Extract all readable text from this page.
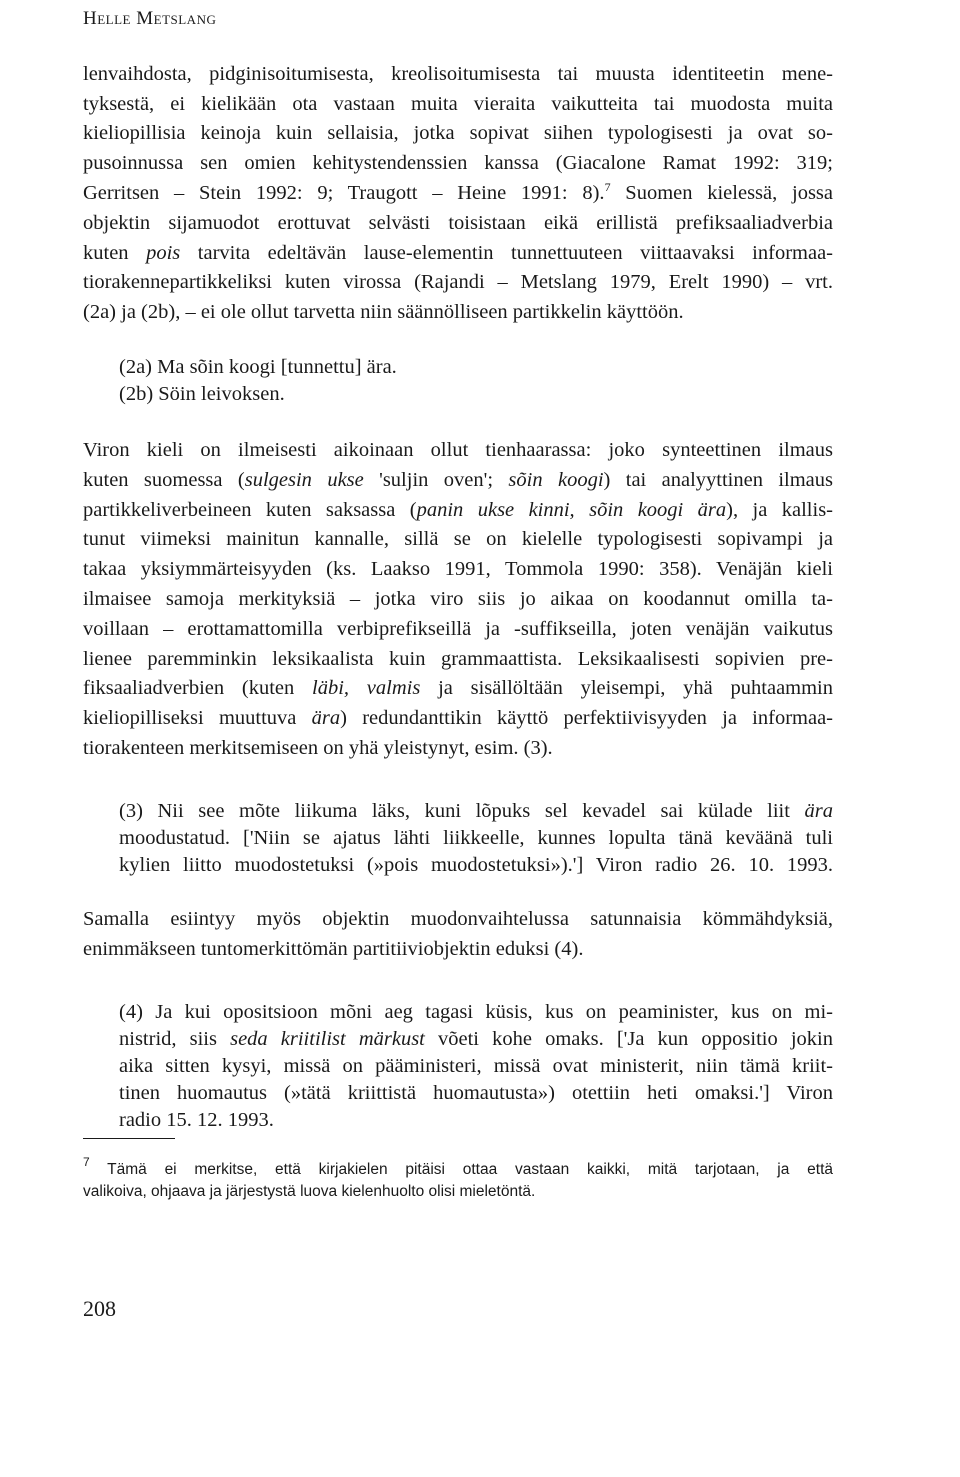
Helle Metslang
lenvaihdosta, pidginisoitumisesta, kreolisoitumisesta tai muusta identiteetin mene-
tyksestä, ei kielikään ota vastaan muita vieraita vaikutteita tai muodosta muita
kieliopillisia keinoja kuin sellaisia, jotka sopivat siihen typologisesti ja ovat so-
pusoinnussa sen omien kehitystendenssien kanssa (Giacalone Ramat 1992: 319;
Gerritsen – Stein 1992: 9; Traugott – Heine 1991: 8).$^7$ Suomen kielessä, jossa
objektin sijamuodot erottuvat selvästi toisistaan eikä erillistä prefiksaaliadverbia
kuten pois tarvita edeltävän lause-elementin tunnettuuteen viittaavaksi informaa-
tiorakennepartikkeliksi kuten virossa (Rajandi – Metslang 1979, Erelt 1990) – vrt.
(2a) ja (2b), – ei ole ollut tarvetta niin säännölliseen partikkelin käyttöön.
(2a) Ma sõin koogi [tunnettu] ära.
(2b) Söin leivoksen.
Viron kieli on ilmeisesti aikoinaan ollut tienhaarassa: joko synteettinen ilmaus
kuten suomessa (sulgesin ukse 'suljin oven'; sõin koogi) tai analyyttinen ilmaus
partikkeliverbeineen kuten saksassa (panin ukse kinni, sõin koogi ära), ja kallis-
tunut viimeksi mainitun kannalle, sillä se on kielelle typologisesti sopivampi ja
takaa yksiymmärteisyyden (ks. Laakso 1991, Tommola 1990: 358). Venäjän kieli
ilmaisee samoja merkityksiä – jotka viro siis jo aikaa on koodannut omilla ta-
voillaan – erottamattomilla verbiprefikseillä ja -suffikseilla, joten venäjän vaikutus
lienee paremminkin leksikaalista kuin grammaattista. Leksikaalisesti sopivien pre-
fiksaaliadverbien (kuten läbi, valmis ja sisällöltään yleisempi, yhä puhtaammin
kieliopilliseksi muuttuva ära) redundanttikin käyttö perfektiivisyyden ja informaa-
tiorakenteen merkitsemiseen on yhä yleistynyt, esim. (3).
(3) Nii see mõte liikuma läks, kuni lõpuks sel kevadel sai külade liit ära
moodustatud. ['Niin se ajatus lähti liikkeelle, kunnes lopulta tänä keväänä tuli
kylien liitto muodostetuksi (»pois muodostetuksi»).'] Viron radio 26. 10. 1993.
Samalla esiintyy myös objektin muodonvaihtelussa satunnaisia kömmähdyksiä,
enimmäkseen tuntomerkittömän partitiiviobjektin eduksi (4).
(4) Ja kui opositsioon mõni aeg tagasi küsis, kus on peaminister, kus on mi-
nistrid, siis seda kriitilist märkust võeti kohe omaks. ['Ja kun oppositio jokin
aika sitten kysyi, missä on pääministeri, missä ovat ministerit, niin tämä kriit-
tinen huomautus (»tätä kriittistä huomautusta») otettiin heti omaksi.'] Viron
radio 15. 12. 1993.
$^7$ Tämä ei merkitse, että kirjakielen pitäisi ottaa vastaan kaikki, mitä tarjotaan, ja että
valikoiva, ohjaava ja järjestystä luova kielenhuolto olisi mieletöntä.
208
